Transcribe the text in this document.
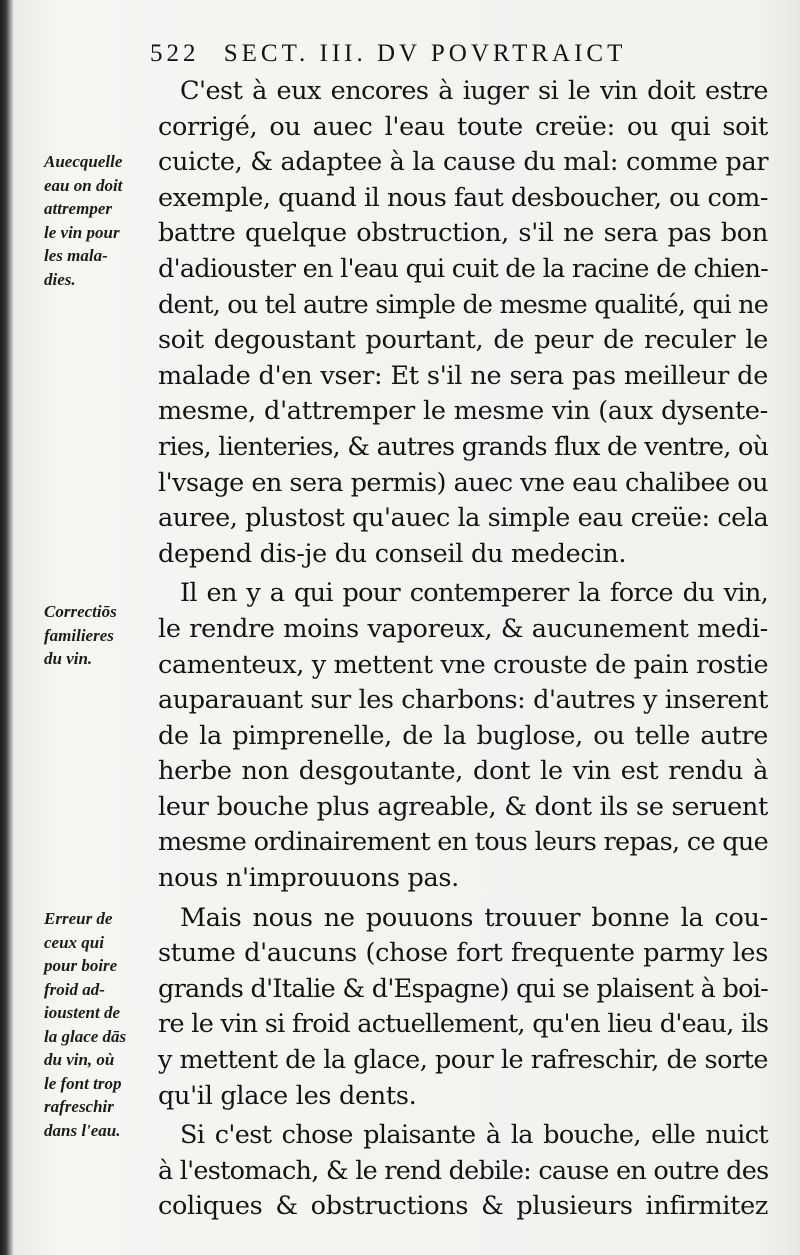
522 SECT. III. DV POVRTRAICT
Auecquelle
eau on doit
attremper
le vin pour
les mala-
dies.
Correctiōs
familieres
du vin.
Erreur de
ceux qui
pour boire
froid ad-
ioustent de
la glace dās
du vin, où
le font trop
rafreschir
dans l'eau.

C'est à eux encores à iuger si le vin doit estre
corrigé, ou auec l'eau toute creüe: ou qui soit
cuicte, & adaptee à la cause du mal: comme par
exemple, quand il nous faut desboucher, ou com-
battre quelque obstruction, s'il ne sera pas bon
d'adiouster en l'eau qui cuit de la racine de chien-
dent, ou tel autre simple de mesme qualité, qui ne
soit degoustant pourtant, de peur de reculer le
malade d'en vser: Et s'il ne sera pas meilleur de
mesme, d'attremper le mesme vin (aux dysente-
ries, lienteries, & autres grands flux de ventre, où
l'vsage en sera permis) auec vne eau chalibee ou
auree, plustost qu'auec la simple eau creüe: cela
depend dis-je du conseil du medecin.

Il en y a qui pour contemperer la force du vin,
le rendre moins vaporeux, & aucunement medi-
camenteux, y mettent vne crouste de pain rostie
auparauant sur les charbons: d'autres y inserent
de la pimprenelle, de la buglose, ou telle autre
herbe non desgoutante, dont le vin est rendu à
leur bouche plus agreable, & dont ils se seruent
mesme ordinairement en tous leurs repas, ce que
nous n'improuuons pas.

Mais nous ne pouuons trouuer bonne la cou-
stume d'aucuns (chose fort frequente parmy les
grands d'Italie & d'Espagne) qui se plaisent à boi-
re le vin si froid actuellement, qu'en lieu d'eau, ils
y mettent de la glace, pour le rafreschir, de sorte
qu'il glace les dents.

Si c'est chose plaisante à la bouche, elle nuict
à l'estomach, & le rend debile: cause en outre des
coliques & obstructions & plusieurs infirmitez
